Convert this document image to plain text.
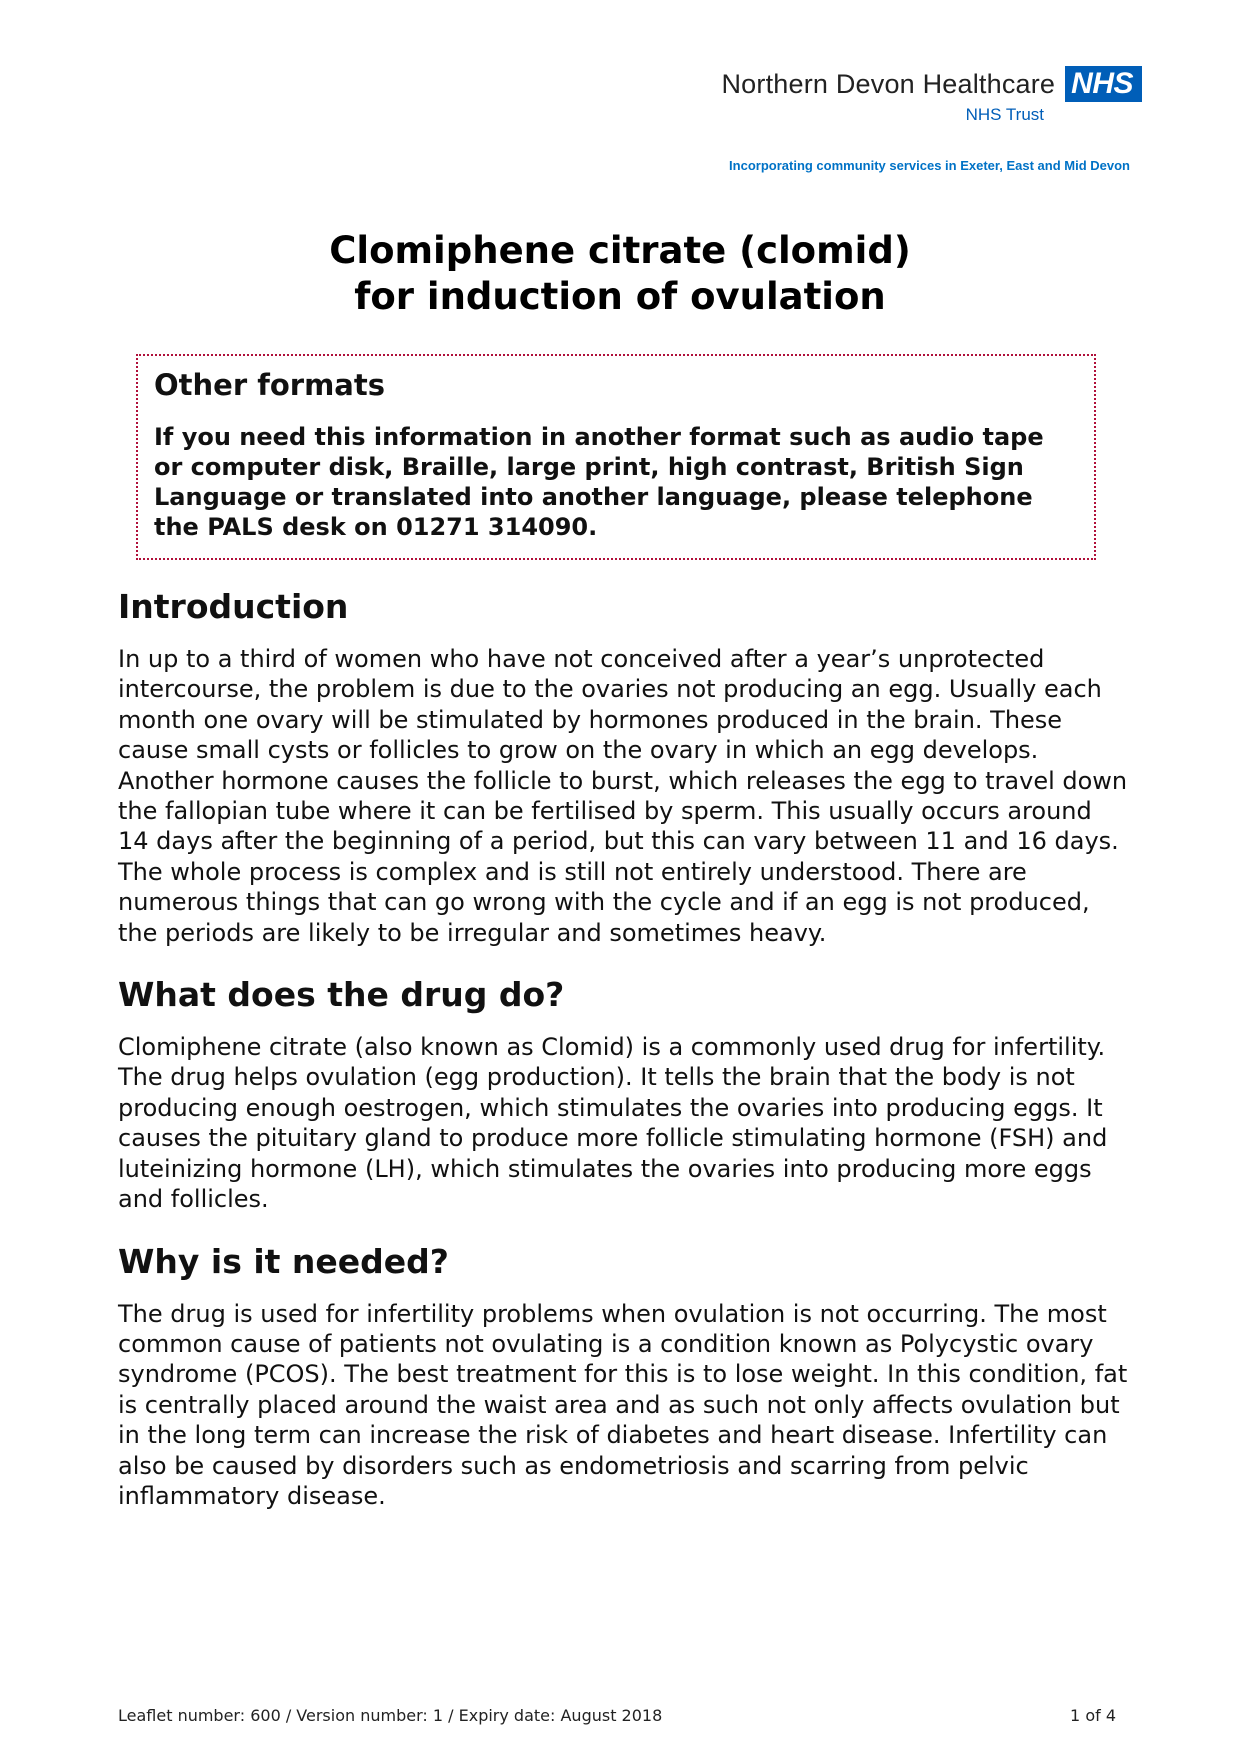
Northern Devon Healthcare NHS
NHS Trust
Incorporating community services in Exeter, East and Mid Devon
Clomiphene citrate (clomid)
for induction of ovulation

Other formats

If you need this information in another format such as audio tape or computer disk, Braille, large print, high contrast, British Sign Language or translated into another language, please telephone the PALS desk on 01271 314090.

Introduction

In up to a third of women who have not conceived after a year’s unprotected intercourse, the problem is due to the ovaries not producing an egg. Usually each month one ovary will be stimulated by hormones produced in the brain. These cause small cysts or follicles to grow on the ovary in which an egg develops. Another hormone causes the follicle to burst, which releases the egg to travel down the fallopian tube where it can be fertilised by sperm. This usually occurs around 14 days after the beginning of a period, but this can vary between 11 and 16 days. The whole process is complex and is still not entirely understood. There are numerous things that can go wrong with the cycle and if an egg is not produced, the periods are likely to be irregular and sometimes heavy.

What does the drug do?

Clomiphene citrate (also known as Clomid) is a commonly used drug for infertility. The drug helps ovulation (egg production). It tells the brain that the body is not producing enough oestrogen, which stimulates the ovaries into producing eggs. It causes the pituitary gland to produce more follicle stimulating hormone (FSH) and luteinizing hormone (LH), which stimulates the ovaries into producing more eggs and follicles.

Why is it needed?

The drug is used for infertility problems when ovulation is not occurring. The most common cause of patients not ovulating is a condition known as Polycystic ovary syndrome (PCOS). The best treatment for this is to lose weight. In this condition, fat is centrally placed around the waist area and as such not only affects ovulation but in the long term can increase the risk of diabetes and heart disease. Infertility can also be caused by disorders such as endometriosis and scarring from pelvic inflammatory disease.

Leaflet number: 600 / Version number: 1 / Expiry date: August 2018	1 of 4
